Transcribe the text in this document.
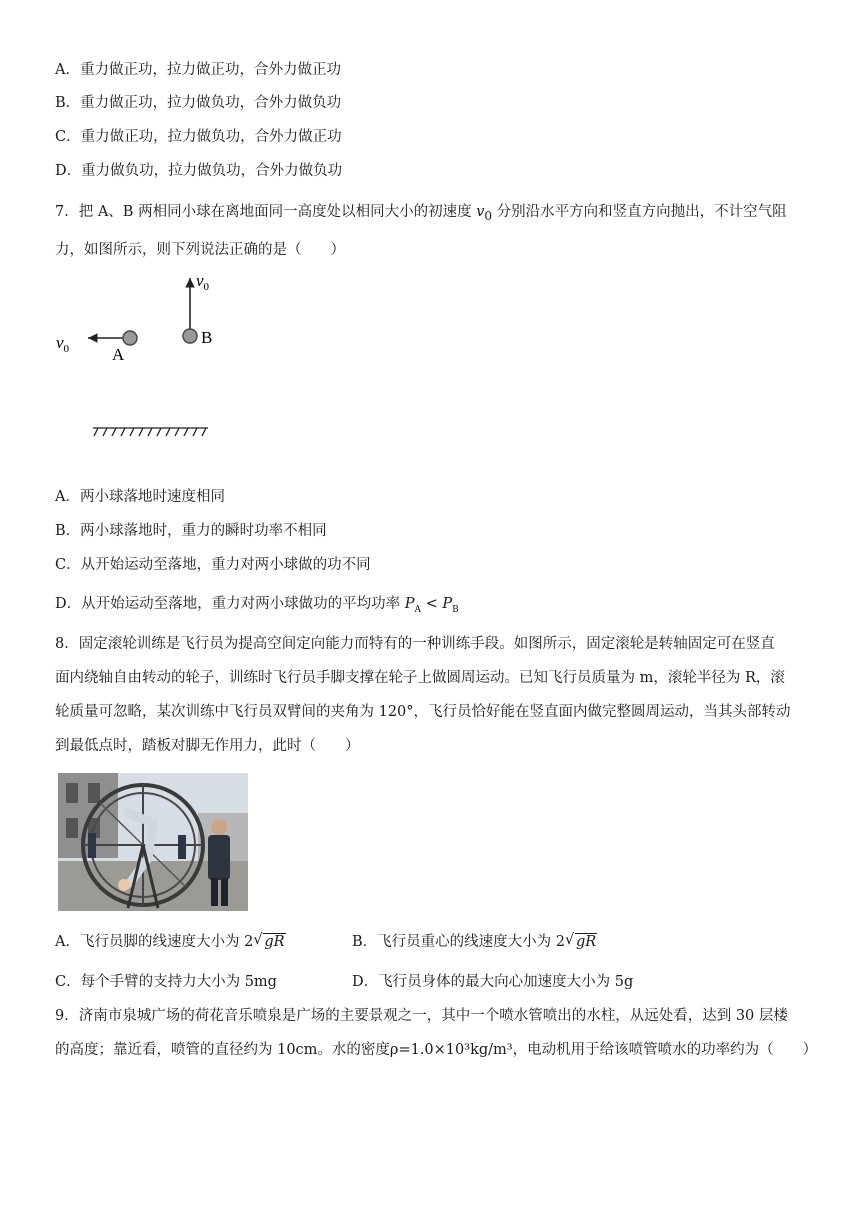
A．重力做正功，拉力做正功，合外力做正功
B．重力做正功，拉力做负功，合外力做负功
C．重力做正功，拉力做负功，合外力做正功
D．重力做负功，拉力做负功，合外力做负功
7．把 A、B 两相同小球在离地面同一高度处以相同大小的初速度 $v_0$ 分别沿水平方向和竖直方向抛出，不计空气阻
力，如图所示，则下列说法正确的是（　　）
$v_0$	A
$v_0$
B
A．两小球落地时速度相同
B．两小球落地时，重力的瞬时功率不相同
C．从开始运动至落地，重力对两小球做的功不同
D．从开始运动至落地，重力对两小球做功的平均功率 $P_A < P_B$
8．固定滚轮训练是飞行员为提高空间定向能力而特有的一种训练手段。如图所示，固定滚轮是转轴固定可在竖直
面内绕轴自由转动的轮子，训练时飞行员手脚支撑在轮子上做圆周运动。已知飞行员质量为 m，滚轮半径为 R，滚
轮质量可忽略，某次训练中飞行员双臂间的夹角为 120°，飞行员恰好能在竖直面内做完整圆周运动，当其头部转动
到最低点时，踏板对脚无作用力，此时（　　）
A．飞行员脚的线速度大小为 2 √ gR	B．飞行员重心的线速度大小为 2 √ gR
C．每个手臂的支持力大小为 5mg	D．飞行员身体的最大向心加速度大小为 5g
9．济南市泉城广场的荷花音乐喷泉是广场的主要景观之一，其中一个喷水管喷出的水柱，从远处看，达到 30 层楼
的高度；靠近看，喷管的直径约为 10cm。水的密度ρ=1.0×10³kg/m³，电动机用于给该喷管喷水的功率约为（　　）
